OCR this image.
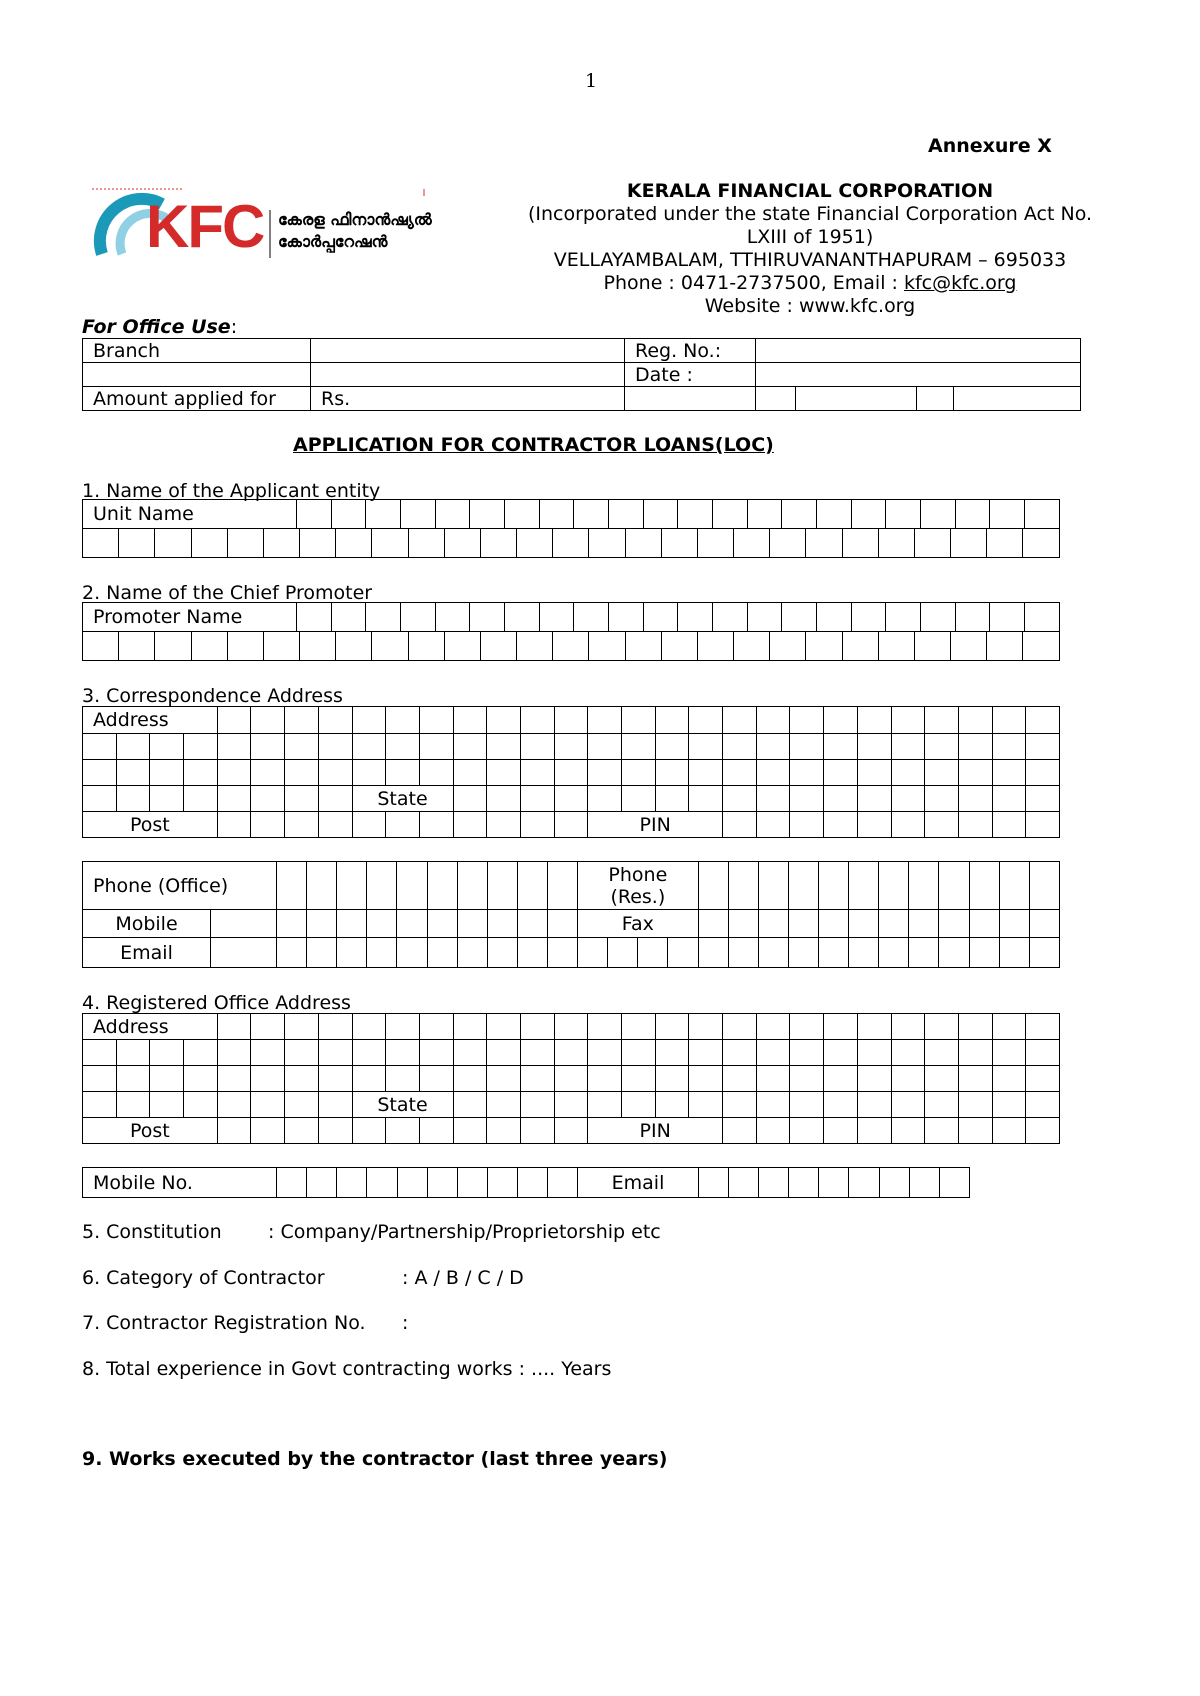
1
Annexure X
KFC കേരള ഫിനാൻഷ്യൽ
കോർപ്പറേഷൻ
KERALA FINANCIAL CORPORATION
(Incorporated under the state Financial Corporation Act No.
LXIII of 1951)
VELLAYAMBALAM, TTHIRUVANANTHAPURAM – 695033
Phone : 0471-2737500, Email : kfc@kfc.org
Website : www.kfc.org
For Office Use:
Branch		Reg. No.:				
		Date :				
Amount applied for	Rs.					
APPLICATION FOR CONTRACTOR LOANS(LOC)
1. Name of the Applicant entity
Unit Name																						

2. Name of the Chief Promoter
Promoter Name																						

3. Correspondence Address
Address																												

								State																				
Post															PIN													
Phone (Office)												Phone
(Res.)															
Mobile												Fax															
Email																											
4. Registered Office Address
Address																												

								State																				
Post															PIN													
Mobile No.											Email									
5. Constitution : Company/Partnership/Proprietorship etc
6. Category of Contractor	: A / B / C / D
7. Contractor Registration No. :
8. Total experience in Govt contracting works : .... Years
9. Works executed by the contractor (last three years)
